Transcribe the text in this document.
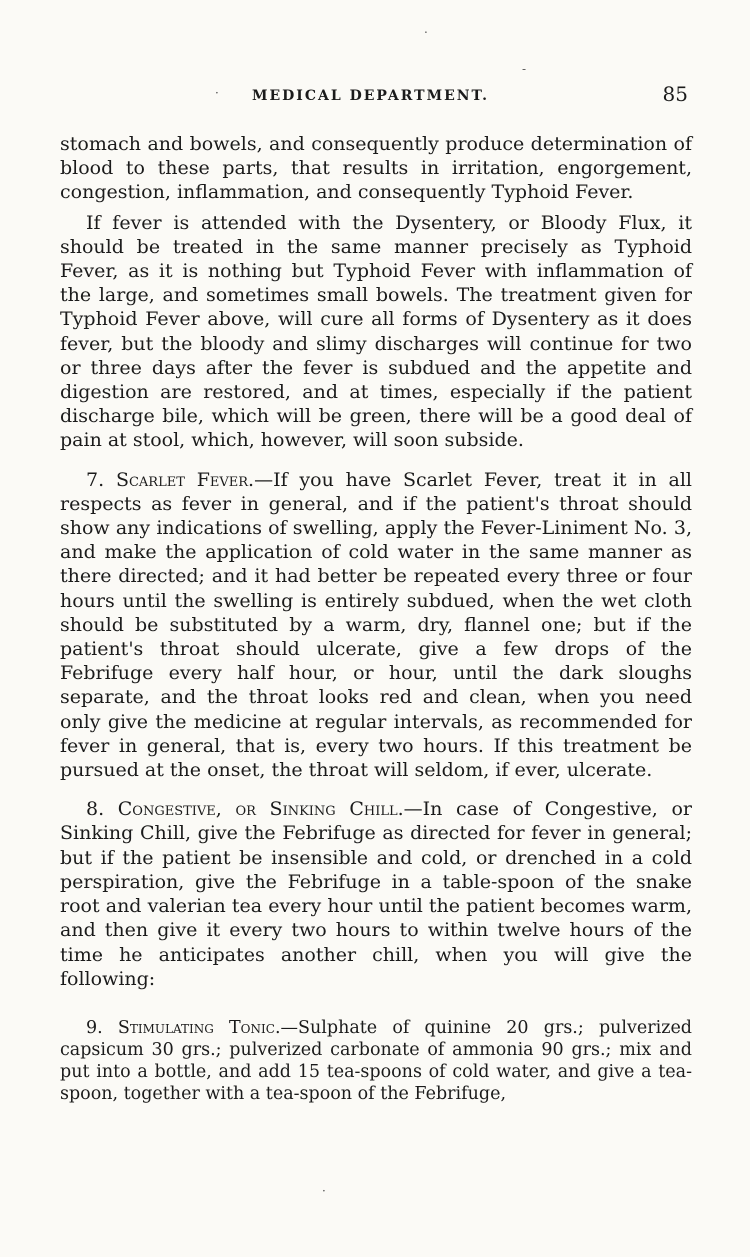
.
-
· MEDICAL DEPARTMENT.	85

stomach and bowels, and consequently produce determination of blood to these parts, that results in irritation, engorgement, congestion, inflammation, and consequently Typhoid Fever.

If fever is attended with the Dysentery, or Bloody Flux, it should be treated in the same manner precisely as Typhoid Fever, as it is nothing but Typhoid Fever with inflammation of the large, and sometimes small bowels. The treatment given for Typhoid Fever above, will cure all forms of Dysentery as it does fever, but the bloody and slimy discharges will continue for two or three days after the fever is subdued and the appetite and digestion are restored, and at times, especially if the patient discharge bile, which will be green, there will be a good deal of pain at stool, which, however, will soon subside.

7. Scarlet Fever.—If you have Scarlet Fever, treat it in all respects as fever in general, and if the patient's throat should show any indications of swelling, apply the Fever-Liniment No. 3, and make the application of cold water in the same manner as there directed; and it had better be repeated every three or four hours until the swelling is entirely subdued, when the wet cloth should be substituted by a warm, dry, flannel one; but if the patient's throat should ulcerate, give a few drops of the Febrifuge every half hour, or hour, until the dark sloughs separate, and the throat looks red and clean, when you need only give the medicine at regular intervals, as recommended for fever in general, that is, every two hours. If this treatment be pursued at the onset, the throat will seldom, if ever, ulcerate.

8. Congestive, or Sinking Chill.—In case of Congestive, or Sinking Chill, give the Febrifuge as directed for fever in general; but if the patient be insensible and cold, or drenched in a cold perspiration, give the Febrifuge in a table-spoon of the snake root and valerian tea every hour until the patient becomes warm, and then give it every two hours to within twelve hours of the time he anticipates another chill, when you will give the following:

9. Stimulating Tonic.—Sulphate of quinine 20 grs.; pulverized capsicum 30 grs.; pulverized carbonate of ammonia 90 grs.; mix and put into a bottle, and add 15 tea-spoons of cold water, and give a tea-spoon, together with a tea-spoon of the Febrifuge,

·
